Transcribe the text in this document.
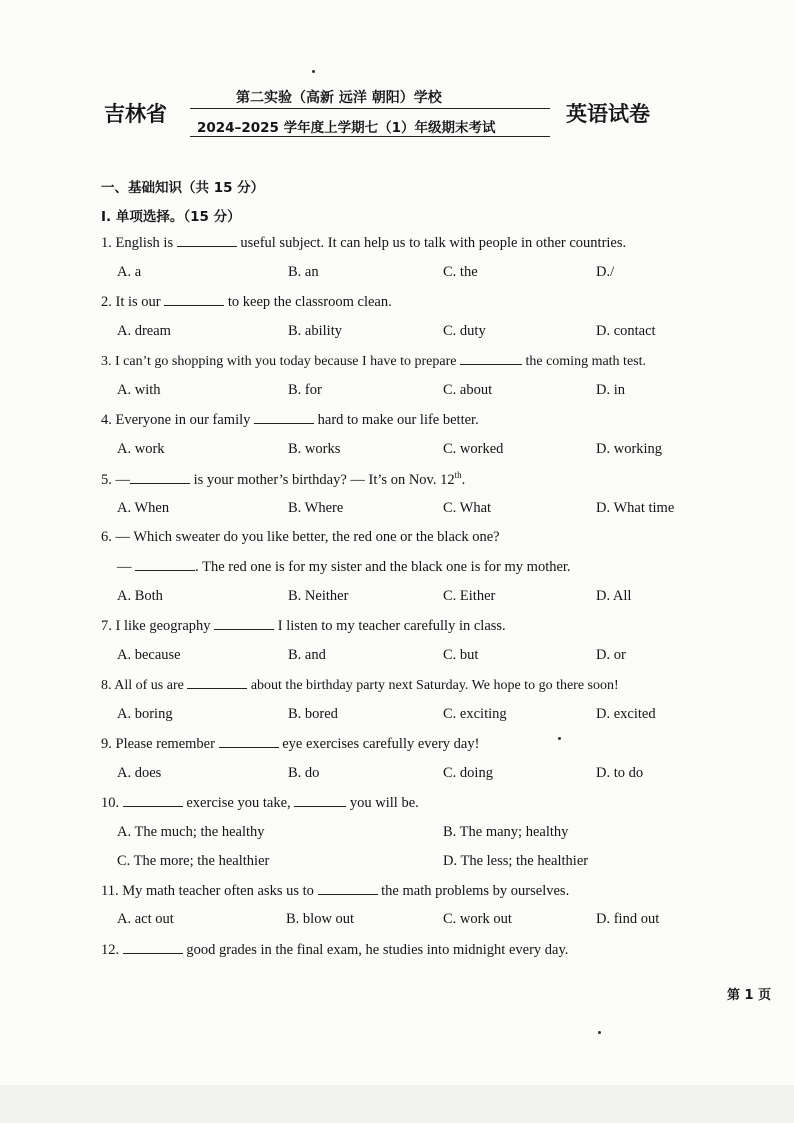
吉林省
第二实验（高新 远洋 朝阳）学校
2024–2025 学年度上学期七（1）年级期末考试
英语试卷
一、基础知识（共 15 分）
I. 单项选择。（15 分）
1. English is	useful subject. It can help us to talk with people in other countries.
A. a	B. an	C. the	D./
2. It is our	to keep the classroom clean.
A. dream	B. ability	C. duty	D. contact
3. I can’t go shopping with you today because I have to prepare	the coming math test.
A. with	B. for	C. about	D. in
4. Everyone in our family	hard to make our life better.
A. work	B. works	C. worked	D. working
5. —	is your mother’s birthday? — It’s on Nov. 12th.
A. When	B. Where	C. What	D. What time
6. — Which sweater do you like better, the red one or the black one?
—	. The red one is for my sister and the black one is for my mother.
A. Both	B. Neither	C. Either	D. All
7. I like geography	I listen to my teacher carefully in class.
A. because	B. and	C. but	D. or
8. All of us are	about the birthday party next Saturday. We hope to go there soon!
A. boring	B. bored	C. exciting	D. excited
9. Please remember	eye exercises carefully every day!
A. does	B. do	C. doing	D. to do
10.	exercise you take,	you will be.
A. The much; the healthy	B. The many; healthy
C. The more; the healthier	D. The less; the healthier
11. My math teacher often asks us to	the math problems by ourselves.
A. act out	B. blow out	C. work out	D. find out
12.	good grades in the final exam, he studies into midnight every day.
第 1 页
